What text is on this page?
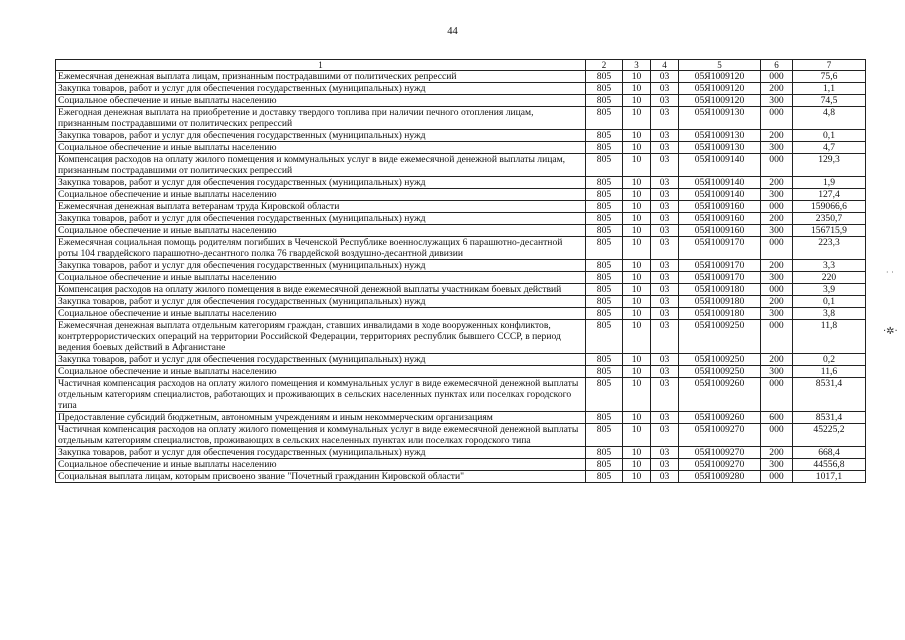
44
1	2	3	4	5	6	7
Ежемесячная денежная выплата лицам, признанным пострадавшими от политических репрессий	805	10	03	05Я1009120	000	75,6
Закупка товаров, работ и услуг для обеспечения государственных (муниципальных) нужд	805	10	03	05Я1009120	200	1,1
Социальное обеспечение и иные выплаты населению	805	10	03	05Я1009120	300	74,5
Ежегодная денежная выплата на приобретение и доставку твердого топлива при наличии печного отопления лицам, признанным пострадавшими от политических репрессий	805	10	03	05Я1009130	000	4,8
Закупка товаров, работ и услуг для обеспечения государственных (муниципальных) нужд	805	10	03	05Я1009130	200	0,1
Социальное обеспечение и иные выплаты населению	805	10	03	05Я1009130	300	4,7
Компенсация расходов на оплату жилого помещения и коммунальных услуг в виде ежемесячной денежной выплаты лицам, признанным пострадавшими от политических репрессий	805	10	03	05Я1009140	000	129,3
Закупка товаров, работ и услуг для обеспечения государственных (муниципальных) нужд	805	10	03	05Я1009140	200	1,9
Социальное обеспечение и иные выплаты населению	805	10	03	05Я1009140	300	127,4
Ежемесячная денежная выплата ветеранам труда Кировской области	805	10	03	05Я1009160	000	159066,6
Закупка товаров, работ и услуг для обеспечения государственных (муниципальных) нужд	805	10	03	05Я1009160	200	2350,7
Социальное обеспечение и иные выплаты населению	805	10	03	05Я1009160	300	156715,9
Ежемесячная социальная помощь родителям погибших в Чеченской Республике военнослужащих 6 парашютно-десантной роты 104 гвардейского парашютно-десантного полка 76 гвардейской воздушно-десантной дивизии	805	10	03	05Я1009170	000	223,3
Закупка товаров, работ и услуг для обеспечения государственных (муниципальных) нужд	805	10	03	05Я1009170	200	3,3
Социальное обеспечение и иные выплаты населению	805	10	03	05Я1009170	300	220
Компенсация расходов на оплату жилого помещения в виде ежемесячной денежной выплаты участникам боевых действий	805	10	03	05Я1009180	000	3,9
Закупка товаров, работ и услуг для обеспечения государственных (муниципальных) нужд	805	10	03	05Я1009180	200	0,1
Социальное обеспечение и иные выплаты населению	805	10	03	05Я1009180	300	3,8
Ежемесячная денежная выплата отдельным категориям граждан, ставших инвалидами в ходе вооруженных конфликтов, контртеррористических операций на территории Российской Федерации, территориях республик бывшего СССР, в период ведения боевых действий в Афганистане	805	10	03	05Я1009250	000	11,8
Закупка товаров, работ и услуг для обеспечения государственных (муниципальных) нужд	805	10	03	05Я1009250	200	0,2
Социальное обеспечение и иные выплаты населению	805	10	03	05Я1009250	300	11,6
Частичная компенсация расходов на оплату жилого помещения и коммунальных услуг в виде ежемесячной денежной выплаты отдельным категориям специалистов, работающих и проживающих в сельских населенных пунктах или поселках городского типа	805	10	03	05Я1009260	000	8531,4
Предоставление субсидий бюджетным, автономным учреждениям и иным некоммерческим организациям	805	10	03	05Я1009260	600	8531,4
Частичная компенсация расходов на оплату жилого помещения и коммунальных услуг в виде ежемесячной денежной выплаты отдельным категориям специалистов, проживающих в сельских населенных пунктах или поселках городского типа	805	10	03	05Я1009270	000	45225,2
Закупка товаров, работ и услуг для обеспечения государственных (муниципальных) нужд	805	10	03	05Я1009270	200	668,4
Социальное обеспечение и иные выплаты населению	805	10	03	05Я1009270	300	44556,8
Социальная выплата лицам, которым присвоено звание "Почетный гражданин Кировской области"	805	10	03	05Я1009280	000	1017,1
· ·
·✲·
